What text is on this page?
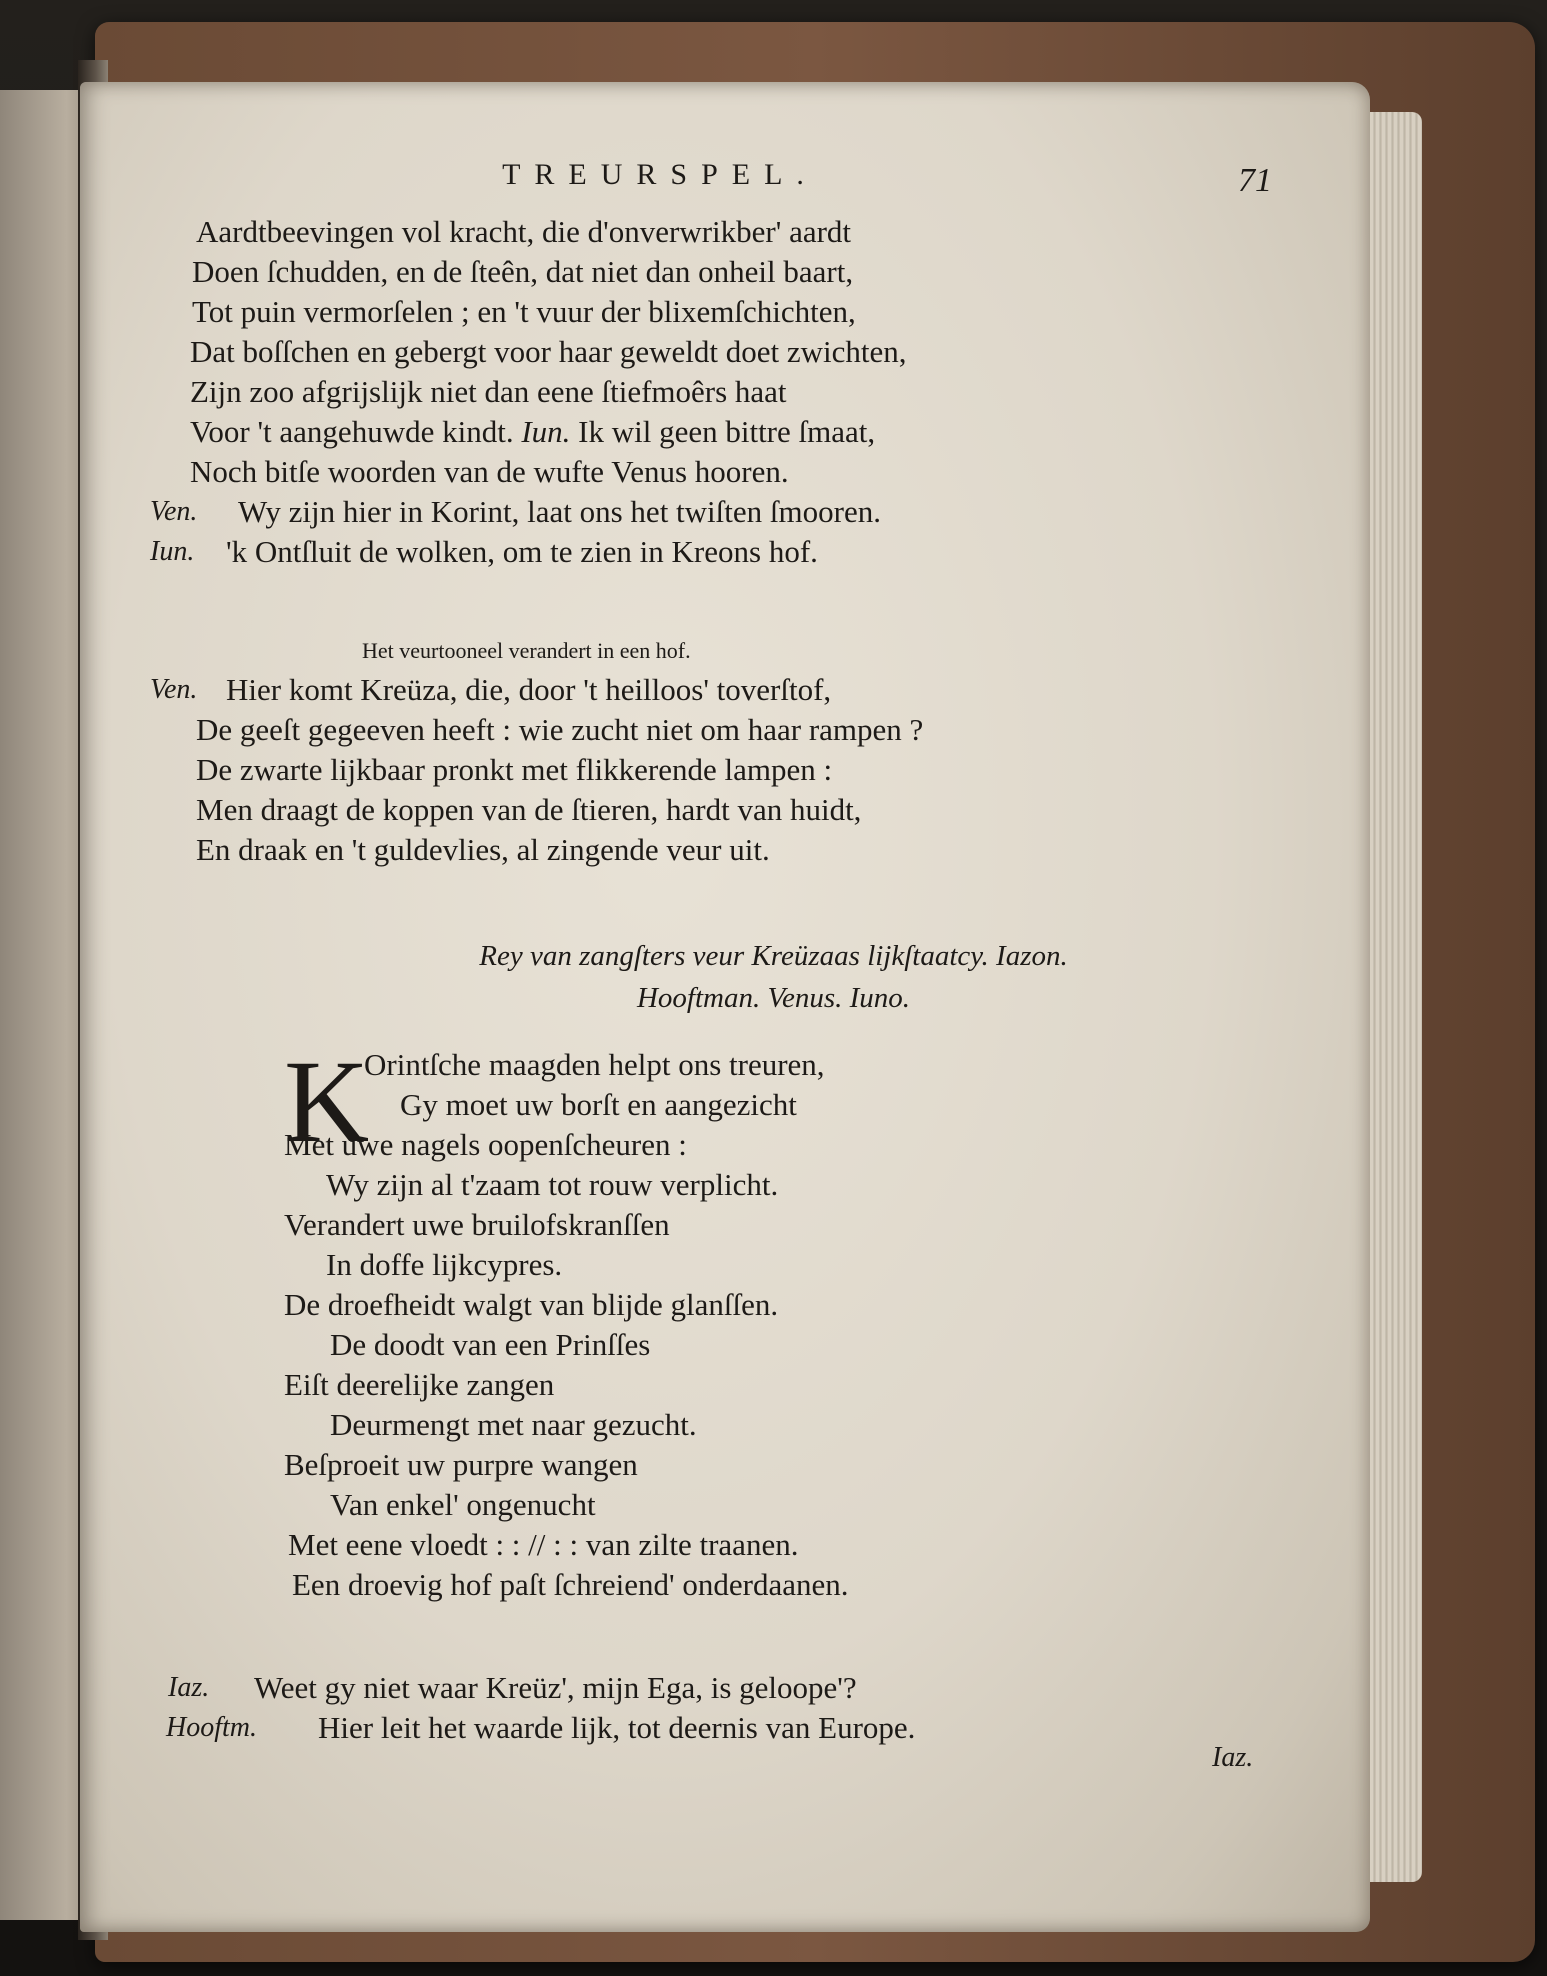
TREURSPEL.	71
Aardtbeevingen vol kracht, die d'onverwrikber' aardt
Doen ſchudden, en de ſteên, dat niet dan onheil baart,
Tot puin vermorſelen ; en 't vuur der blixemſchichten,
Dat boſſchen en gebergt voor haar geweldt doet zwichten,
Zijn zoo afgrijslijk niet dan eene ſtiefmoêrs haat
Voor 't aangehuwde kindt. Iun. Ik wil geen bittre ſmaat,
Noch bitſe woorden van de wufte Venus hooren.
Ven. Wy zijn hier in Korint, laat ons het twiſten ſmooren.
Iun. 'k Ontſluit de wolken, om te zien in Kreons hof.
Het veurtooneel verandert in een hof.
Ven. Hier komt Kreüza, die, door 't heilloos' toverſtof,
De geeſt gegeeven heeft : wie zucht niet om haar rampen ?
De zwarte lijkbaar pronkt met flikkerende lampen :
Men draagt de koppen van de ſtieren, hardt van huidt,
En draak en 't guldevlies, al zingende veur uit.
Rey van zangſters veur Kreüzaas lijkſtaatcy. Iazon.
Hooftman. Venus. Iuno.
K
Orintſche maagden helpt ons treuren,
Gy moet uw borſt en aangezicht
Met uwe nagels oopenſcheuren :
Wy zijn al t'zaam tot rouw verplicht.
Verandert uwe bruilofskranſſen
In doffe lijkcypres.
De droefheidt walgt van blijde glanſſen.
De doodt van een Prinſſes
Eiſt deerelijke zangen
Deurmengt met naar gezucht.
Beſproeit uw purpre wangen
Van enkel' ongenucht
Met eene vloedt : : // : : van zilte traanen.
Een droevig hof paſt ſchreiend' onderdaanen.
Iaz. Weet gy niet waar Kreüz', mijn Ega, is geloope'?
Hooftm. Hier leit het waarde lijk, tot deernis van Europe.
Iaz.
